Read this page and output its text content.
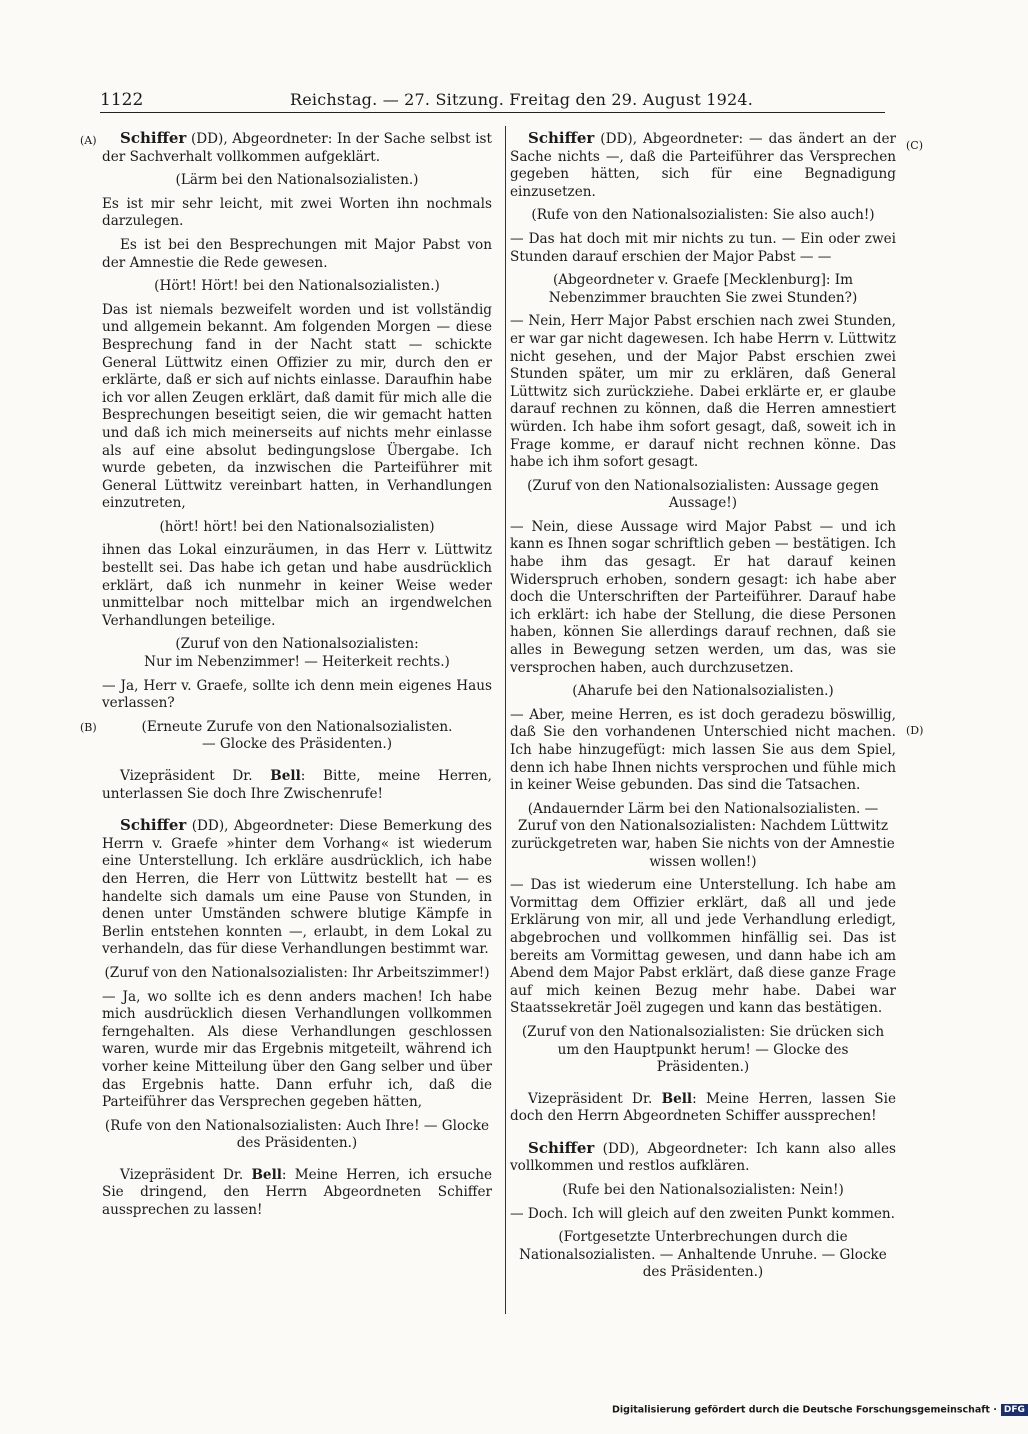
1122	Reichstag. — 27. Sitzung. Freitag den 29. August 1924.
(A)
(B)
(C)
(D)

Schiffer (DD), Abgeordneter: In der Sache selbst ist der Sachverhalt vollkommen aufgeklärt.

(Lärm bei den Nationalsozialisten.)

Es ist mir sehr leicht, mit zwei Worten ihn nochmals darzulegen.

Es ist bei den Besprechungen mit Major Pabst von der Amnestie die Rede gewesen.

(Hört! Hört! bei den Nationalsozialisten.)

Das ist niemals bezweifelt worden und ist vollständig und allgemein bekannt. Am folgenden Morgen — diese Besprechung fand in der Nacht statt — schickte General Lüttwitz einen Offizier zu mir, durch den er erklärte, daß er sich auf nichts einlasse. Daraufhin habe ich vor allen Zeugen erklärt, daß damit für mich alle die Besprechungen beseitigt seien, die wir gemacht hatten und daß ich mich meinerseits auf nichts mehr einlasse als auf eine absolut bedingungslose Übergabe. Ich wurde gebeten, da inzwischen die Parteiführer mit General Lüttwitz vereinbart hatten, in Verhandlungen einzutreten,

(hört! hört! bei den Nationalsozialisten)

ihnen das Lokal einzuräumen, in das Herr v. Lüttwitz bestellt sei. Das habe ich getan und habe ausdrücklich erklärt, daß ich nunmehr in keiner Weise weder unmittelbar noch mittelbar mich an irgendwelchen Verhandlungen beteilige.

(Zuruf von den Nationalsozialisten:
Nur im Nebenzimmer! — Heiterkeit rechts.)

— Ja, Herr v. Graefe, sollte ich denn mein eigenes Haus verlassen?

(Erneute Zurufe von den Nationalsozialisten.
— Glocke des Präsidenten.)

Vizepräsident Dr. Bell: Bitte, meine Herren, unterlassen Sie doch Ihre Zwischenrufe!

Schiffer (DD), Abgeordneter: Diese Bemerkung des Herrn v. Graefe »hinter dem Vorhang« ist wiederum eine Unterstellung. Ich erkläre ausdrücklich, ich habe den Herren, die Herr von Lüttwitz bestellt hat — es handelte sich damals um eine Pause von Stunden, in denen unter Umständen schwere blutige Kämpfe in Berlin entstehen konnten —, erlaubt, in dem Lokal zu verhandeln, das für diese Verhandlungen bestimmt war.

(Zuruf von den Nationalsozialisten: Ihr Arbeitszimmer!)

— Ja, wo sollte ich es denn anders machen! Ich habe mich ausdrücklich diesen Verhandlungen vollkommen ferngehalten. Als diese Verhandlungen geschlossen waren, wurde mir das Ergebnis mitgeteilt, während ich vorher keine Mitteilung über den Gang selber und über das Ergebnis hatte. Dann erfuhr ich, daß die Parteiführer das Versprechen gegeben hätten,

(Rufe von den Nationalsozialisten: Auch Ihre! — Glocke des Präsidenten.)

Vizepräsident Dr. Bell: Meine Herren, ich ersuche Sie dringend, den Herrn Abgeordneten Schiffer aussprechen zu lassen!

Schiffer (DD), Abgeordneter: — das ändert an der Sache nichts —, daß die Parteiführer das Versprechen gegeben hätten, sich für eine Begnadigung einzusetzen.

(Rufe von den Nationalsozialisten: Sie also auch!)

— Das hat doch mit mir nichts zu tun. — Ein oder zwei Stunden darauf erschien der Major Pabst — —

(Abgeordneter v. Graefe [Mecklenburg]: Im Nebenzimmer brauchten Sie zwei Stunden?)

— Nein, Herr Major Pabst erschien nach zwei Stunden, er war gar nicht dagewesen. Ich habe Herrn v. Lüttwitz nicht gesehen, und der Major Pabst erschien zwei Stunden später, um mir zu erklären, daß General Lüttwitz sich zurückziehe. Dabei erklärte er, er glaube darauf rechnen zu können, daß die Herren amnestiert würden. Ich habe ihm sofort gesagt, daß, soweit ich in Frage komme, er darauf nicht rechnen könne. Das habe ich ihm sofort gesagt.

(Zuruf von den Nationalsozialisten: Aussage gegen Aussage!)

— Nein, diese Aussage wird Major Pabst — und ich kann es Ihnen sogar schriftlich geben — bestätigen. Ich habe ihm das gesagt. Er hat darauf keinen Widerspruch erhoben, sondern gesagt: ich habe aber doch die Unterschriften der Parteiführer. Darauf habe ich erklärt: ich habe der Stellung, die diese Personen haben, können Sie allerdings darauf rechnen, daß sie alles in Bewegung setzen werden, um das, was sie versprochen haben, auch durchzusetzen.

(Aharufe bei den Nationalsozialisten.)

— Aber, meine Herren, es ist doch geradezu böswillig, daß Sie den vorhandenen Unterschied nicht machen. Ich habe hinzugefügt: mich lassen Sie aus dem Spiel, denn ich habe Ihnen nichts versprochen und fühle mich in keiner Weise gebunden. Das sind die Tatsachen.

(Andauernder Lärm bei den Nationalsozialisten. — Zuruf von den Nationalsozialisten: Nachdem Lüttwitz zurückgetreten war, haben Sie nichts von der Amnestie wissen wollen!)

— Das ist wiederum eine Unterstellung. Ich habe am Vormittag dem Offizier erklärt, daß all und jede Erklärung von mir, all und jede Verhandlung erledigt, abgebrochen und vollkommen hinfällig sei. Das ist bereits am Vormittag gewesen, und dann habe ich am Abend dem Major Pabst erklärt, daß diese ganze Frage auf mich keinen Bezug mehr habe. Dabei war Staatssekretär Joël zugegen und kann das bestätigen.

(Zuruf von den Nationalsozialisten: Sie drücken sich um den Hauptpunkt herum! — Glocke des Präsidenten.)

Vizepräsident Dr. Bell: Meine Herren, lassen Sie doch den Herrn Abgeordneten Schiffer aussprechen!

Schiffer (DD), Abgeordneter: Ich kann also alles vollkommen und restlos aufklären.

(Rufe bei den Nationalsozialisten: Nein!)

— Doch. Ich will gleich auf den zweiten Punkt kommen.

(Fortgesetzte Unterbrechungen durch die Nationalsozialisten. — Anhaltende Unruhe. — Glocke des Präsidenten.)

Digitalisierung gefördert durch die Deutsche Forschungsgemeinschaft · DFG
